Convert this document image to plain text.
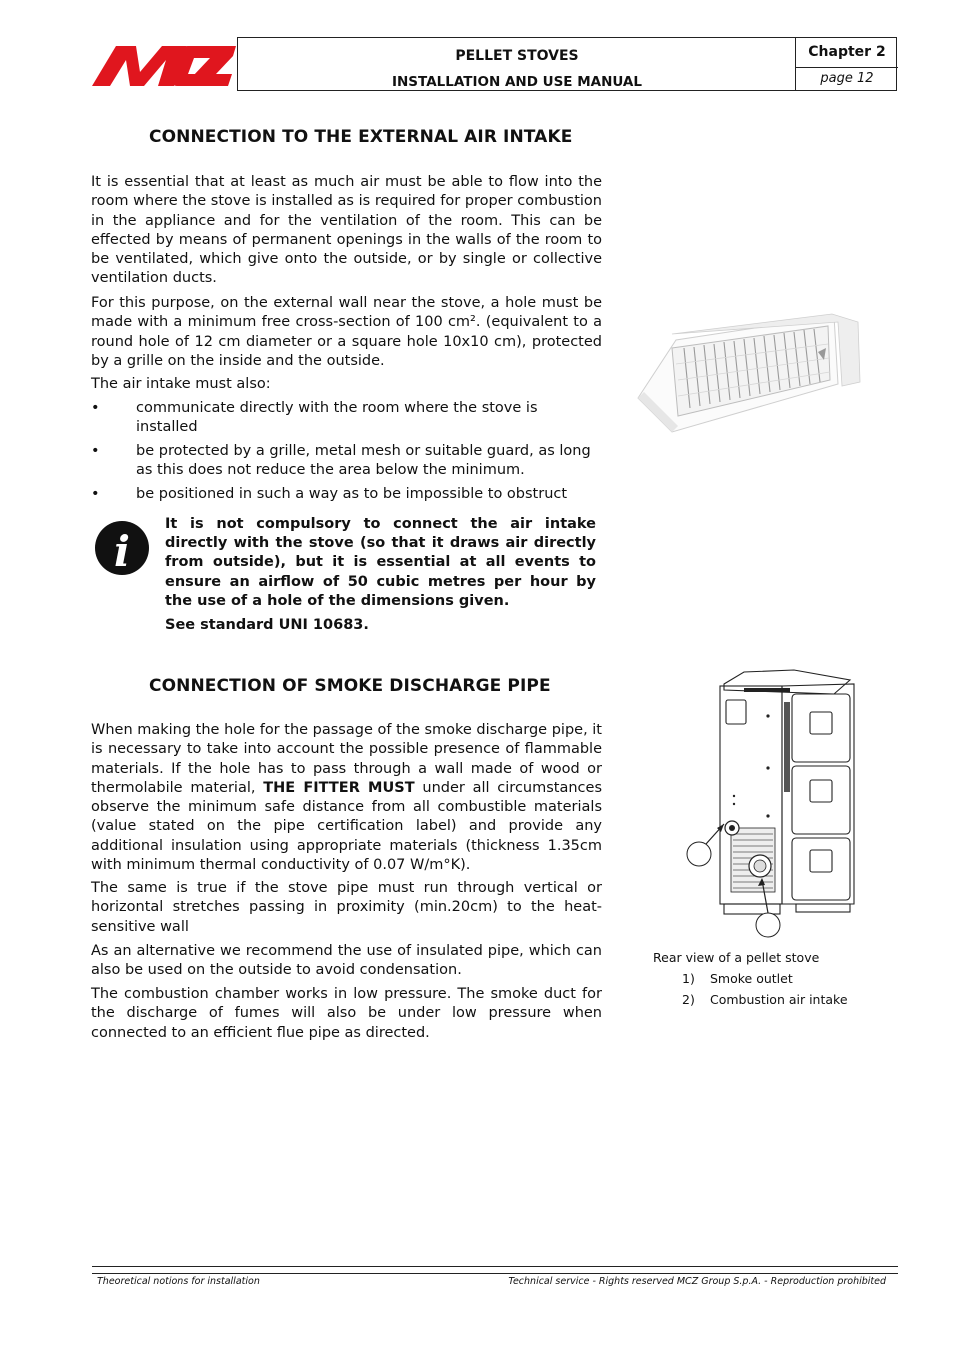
PELLET STOVES
INSTALLATION AND USE MANUAL
Chapter 2
page 12
CONNECTION TO THE EXTERNAL AIR INTAKE

It is essential that at least as much air must be able to flow into the room where the stove is installed as is required for proper combustion in the appliance and for the ventilation of the room. This can be effected by means of permanent openings in the walls of the room to be ventilated, which give onto the outside, or by single or collective ventilation ducts.

For this purpose, on the external wall near the stove, a hole must be made with a minimum free cross-section of 100 cm². (equivalent to a round hole of 12 cm diameter or a square hole 10x10 cm), protected by a grille on the inside and the outside.

The air intake must also:

•	communicate directly with the room where the stove is installed
•	be protected by a grille, metal mesh or suitable guard, as long as this does not reduce the area below the minimum.
•	be positioned in such a way as to be impossible to obstruct
i
It is not compulsory to connect the air intake directly with the stove (so that it draws air directly from outside), but it is essential at all events to ensure an airflow of 50 cubic metres per hour by the use of a hole of the dimensions given.
See standard UNI 10683.
CONNECTION OF SMOKE DISCHARGE PIPE

When making the hole for the passage of the smoke discharge pipe, it is necessary to take into account the possible presence of flammable materials. If the hole has to pass through a wall made of wood or thermolabile material, THE FITTER MUST under all circumstances observe the minimum safe distance from all combustible materials (value stated on the pipe certification label) and provide any additional insulation using appropriate materials (thickness 1.35cm with minimum thermal conductivity of 0.07 W/m°K).

The same is true if the stove pipe must run through vertical or horizontal stretches passing in proximity (min.20cm) to the heat-sensitive wall

As an alternative we recommend the use of insulated pipe, which can also be used on the outside to avoid condensation.

The combustion chamber works in low pressure. The smoke duct for the discharge of fumes will also be under low pressure when connected to an efficient flue pipe as directed.

Rear view of a pellet stove
1) Smoke outlet
2) Combustion air intake
Theoretical notions for installation	Technical service - Rights reserved MCZ Group S.p.A. - Reproduction prohibited
